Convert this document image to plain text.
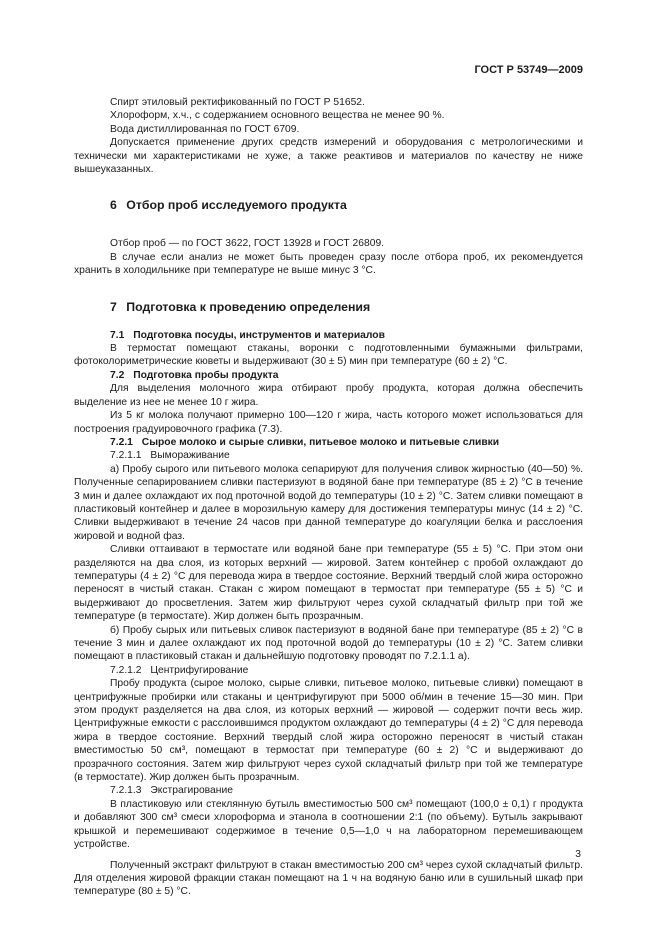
ГОСТ Р 53749—2009

Спирт этиловый ректификованный по ГОСТ Р 51652.

Хлороформ, х.ч., с содержанием основного вещества не менее 90 %.

Вода дистиллированная по ГОСТ 6709.

Допускается применение других средств измерений и оборудования с метрологическими и технически ми характеристиками не хуже, а также реактивов и материалов по качеству не ниже вышеуказанных.

6 Отбор проб исследуемого продукта

Отбор проб — по ГОСТ 3622, ГОСТ 13928 и ГОСТ 26809.

В случае если анализ не может быть проведен сразу после отбора проб, их рекомендуется хранить в холодильнике при температуре не выше минус 3 °С.

7 Подготовка к проведению определения
7.1 Подготовка посуды, инструментов и материалов

В термостат помещают стаканы, воронки с подготовленными бумажными фильтрами, фотоколориметрические кюветы и выдерживают (30 ± 5) мин при температуре (60 ± 2) °С.

7.2 Подготовка пробы продукта

Для выделения молочного жира отбирают пробу продукта, которая должна обеспечить выделение из нее не менее 10 г жира.

Из 5 кг молока получают примерно 100—120 г жира, часть которого может использоваться для построения градуировочного графика (7.3).

7.2.1 Сырое молоко и сырые сливки, питьевое молоко и питьевые сливки

7.2.1.1 Вымораживание

а) Пробу сырого или питьевого молока сепарируют для получения сливок жирностью (40—50) %. Полученные сепарированием сливки пастеризуют в водяной бане при температуре (85 ± 2) °С в течение 3 мин и далее охлаждают их под проточной водой до температуры (10 ± 2) °С. Затем сливки помещают в пластиковый контейнер и далее в морозильную камеру для достижения температуры минус (14 ± 2) °С. Сливки выдерживают в течение 24 часов при данной температуре до коагуляции белка и расслоения жировой и водной фаз.

Сливки оттаивают в термостате или водяной бане при температуре (55 ± 5) °С. При этом они разделяются на два слоя, из которых верхний — жировой. Затем контейнер с пробой охлаждают до температуры (4 ± 2) °С для перевода жира в твердое состояние. Верхний твердый слой жира осторожно переносят в чистый стакан. Стакан с жиром помещают в термостат при температуре (55 ± 5) °С и выдерживают до просветления. Затем жир фильтруют через сухой складчатый фильтр при той же температуре (в термостате). Жир должен быть прозрачным.

б) Пробу сырых или питьевых сливок пастеризуют в водяной бане при температуре (85 ± 2) °С в течение 3 мин и далее охлаждают их под проточной водой до температуры (10 ± 2) °С. Затем сливки помещают в пластиковый стакан и дальнейшую подготовку проводят по 7.2.1.1 а).

7.2.1.2 Центрифугирование

Пробу продукта (сырое молоко, сырые сливки, питьевое молоко, питьевые сливки) помещают в центрифужные пробирки или стаканы и центрифугируют при 5000 об/мин в течение 15—30 мин. При этом продукт разделяется на два слоя, из которых верхний — жировой — содержит почти весь жир. Центрифужные емкости с расслоившимся продуктом охлаждают до температуры (4 ± 2) °С для перевода жира в твердое состояние. Верхний твердый слой жира осторожно переносят в чистый стакан вместимостью 50 см³, помещают в термостат при температуре (60 ± 2) °С и выдерживают до прозрачного состояния. Затем жир фильтруют через сухой складчатый фильтр при той же температуре (в термостате). Жир должен быть прозрачным.

7.2.1.3 Экстрагирование

В пластиковую или стеклянную бутыль вместимостью 500 см³ помещают (100,0 ± 0,1) г продукта и добавляют 300 см³ смеси хлороформа и этанола в соотношении 2:1 (по объему). Бутыль закрывают крышкой и перемешивают содержимое в течение 0,5—1,0 ч на лабораторном перемешивающем устройстве.

Полученный экстракт фильтруют в стакан вместимостью 200 см³ через сухой складчатый фильтр. Для отделения жировой фракции стакан помещают на 1 ч на водяную баню или в сушильный шкаф при температуре (80 ± 5) °С.

3
